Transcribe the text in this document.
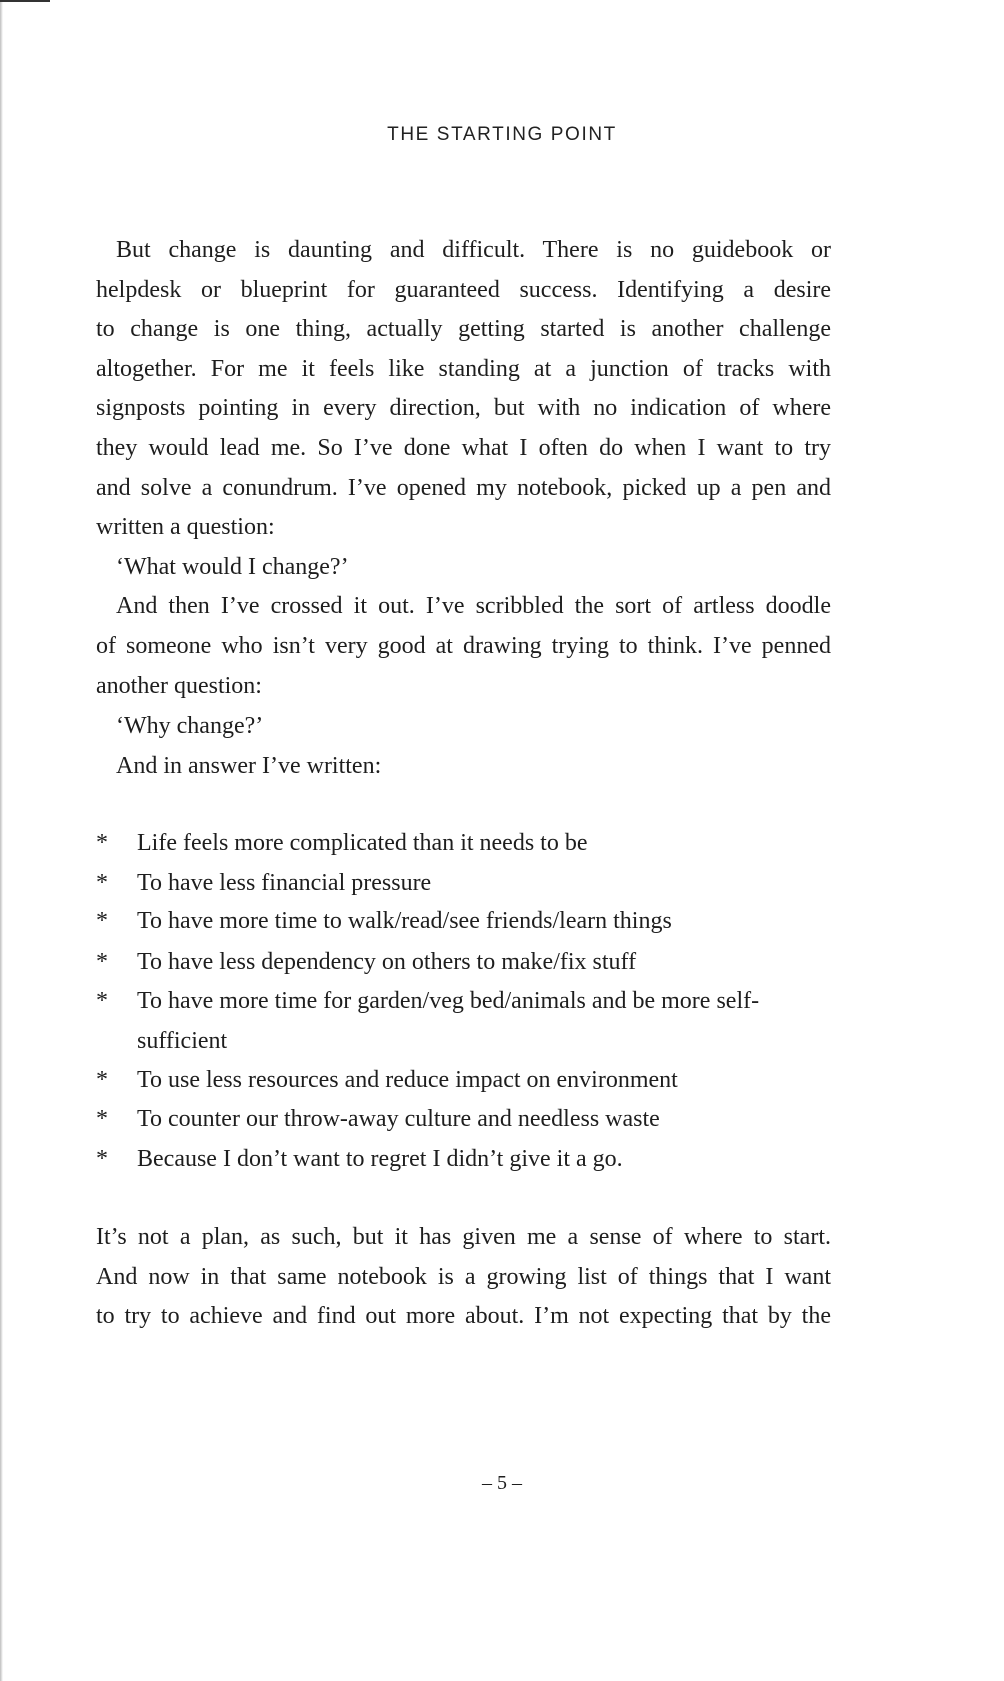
THE STARTING POINT
But change is daunting and difficult. There is no guidebook or
helpdesk or blueprint for guaranteed success. Identifying a desire
to change is one thing, actually getting started is another challenge
altogether. For me it feels like standing at a junction of tracks with
signposts pointing in every direction, but with no indication of where
they would lead me. So I’ve done what I often do when I want to try
and solve a conundrum. I’ve opened my notebook, picked up a pen and
written a question:
‘What would I change?’
And then I’ve crossed it out. I’ve scribbled the sort of artless doodle
of someone who isn’t very good at drawing trying to think. I’ve penned
another question:
‘Why change?’
And in answer I’ve written:
* Life feels more complicated than it needs to be
* To have less financial pressure
* To have more time to walk/read/see friends/learn things
* To have less dependency on others to make/fix stuff
* To have more time for garden/veg bed/animals and be more self-
sufficient
* To use less resources and reduce impact on environment
* To counter our throw-away culture and needless waste
* Because I don’t want to regret I didn’t give it a go.
It’s not a plan, as such, but it has given me a sense of where to start.
And now in that same notebook is a growing list of things that I want
to try to achieve and find out more about. I’m not expecting that by the
– 5 –
